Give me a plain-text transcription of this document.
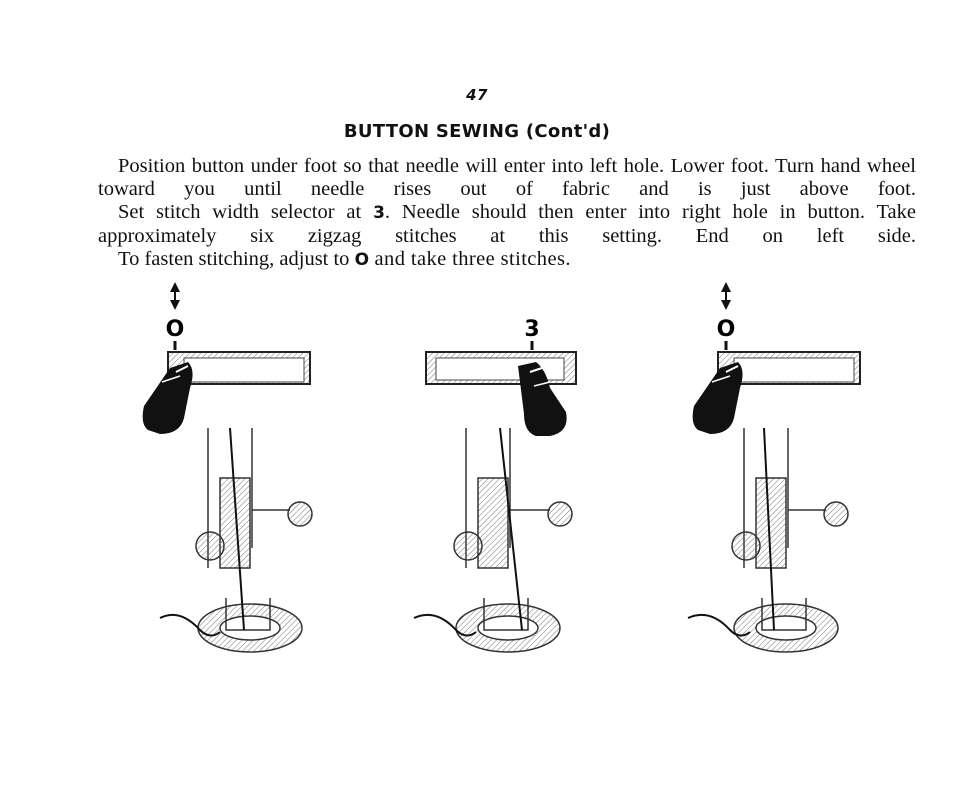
47
BUTTON SEWING (Cont'd)

Position button under foot so that needle will enter into left hole. Lower foot. Turn hand wheel toward you until needle rises out of fabric and is just above foot.

Set stitch width selector at 3. Needle should then enter into right hole in button. Take approximately six zigzag stitches at this setting. End on left side.

To fasten stitching, adjust to O and take three stitches.

O	3	O
